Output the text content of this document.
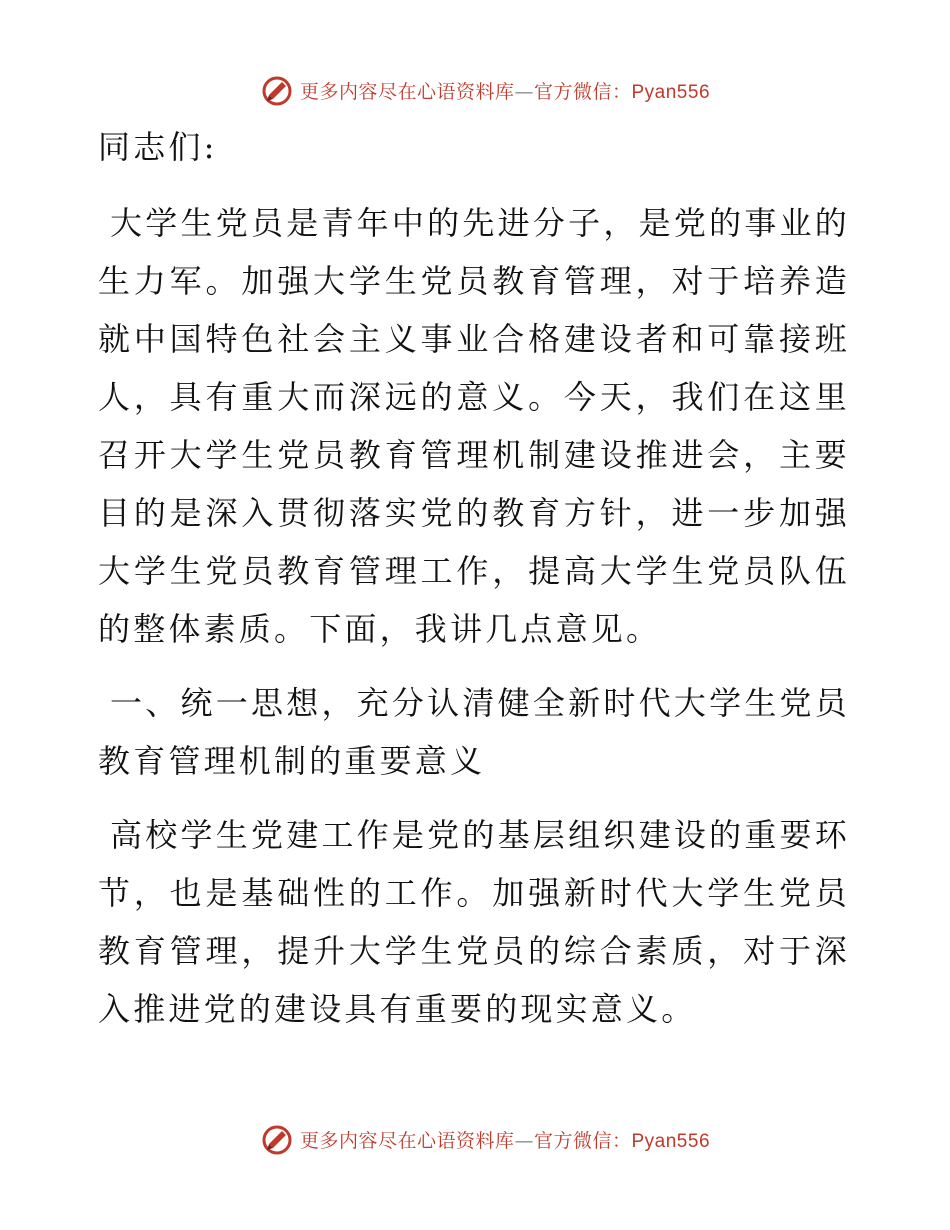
更多内容尽在心语资料库—官方微信：Pyan556

同志们:

大学生党员是青年中的先进分子，是党的事业的生力军。加强大学生党员教育管理，对于培养造就中国特色社会主义事业合格建设者和可靠接班人，具有重大而深远的意义。今天，我们在这里召开大学生党员教育管理机制建设推进会，主要目的是深入贯彻落实党的教育方针，进一步加强大学生党员教育管理工作，提高大学生党员队伍的整体素质。下面，我讲几点意见。

一、统一思想，充分认清健全新时代大学生党员教育管理机制的重要意义

高校学生党建工作是党的基层组织建设的重要环节，也是基础性的工作。加强新时代大学生党员教育管理，提升大学生党员的综合素质，对于深入推进党的建设具有重要的现实意义。

更多内容尽在心语资料库—官方微信：Pyan556
